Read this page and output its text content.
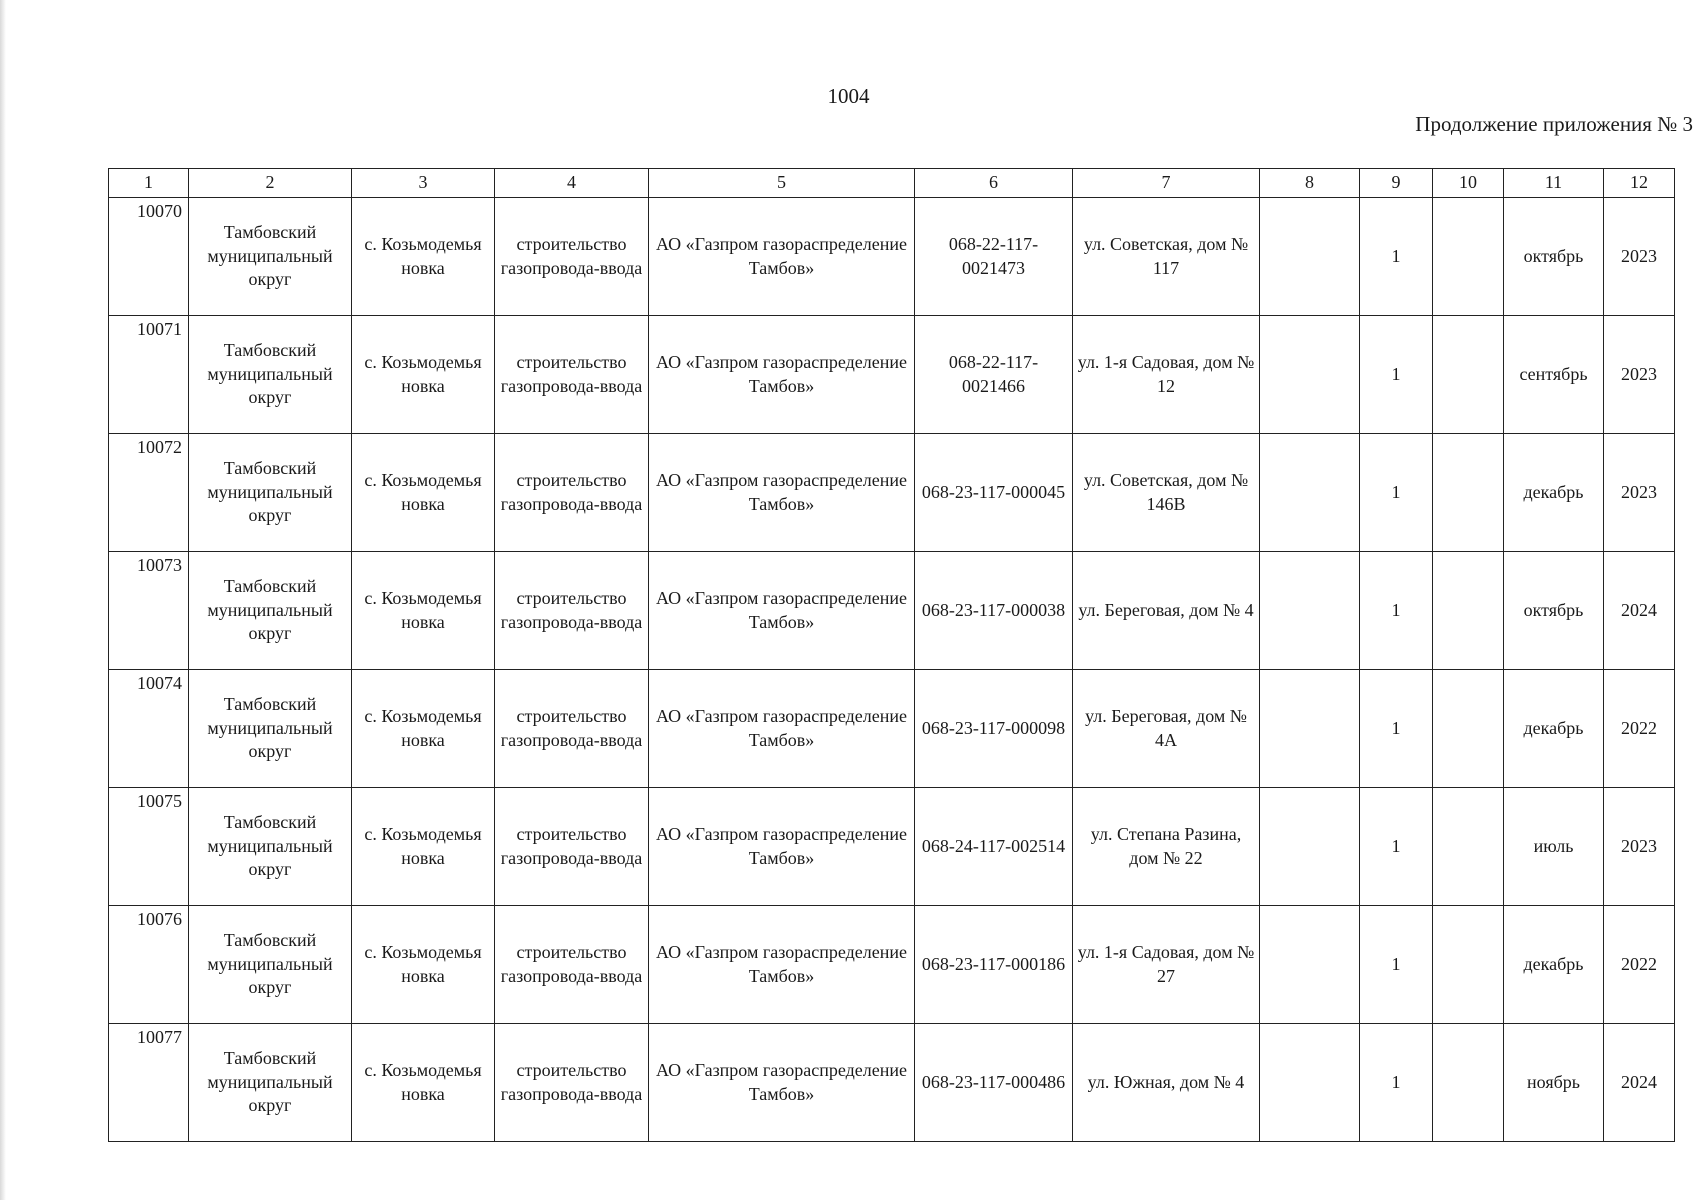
1004
Продолжение приложения № 3
1	2	3	4	5	6	7	8	9	10	11	12
10070	Тамбовский муниципальный округ	с. Козьмодемья новка	строительство газопровода-ввода	АО «Газпром газораспределение Тамбов»	068-22-117-0021473	ул. Советская, дом № 117		1		октябрь	2023
10071	Тамбовский муниципальный округ	с. Козьмодемья новка	строительство газопровода-ввода	АО «Газпром газораспределение Тамбов»	068-22-117-0021466	ул. 1-я Садовая, дом № 12		1		сентябрь	2023
10072	Тамбовский муниципальный округ	с. Козьмодемья новка	строительство газопровода-ввода	АО «Газпром газораспределение Тамбов»	068-23-117-000045	ул. Советская, дом № 146В		1		декабрь	2023
10073	Тамбовский муниципальный округ	с. Козьмодемья новка	строительство газопровода-ввода	АО «Газпром газораспределение Тамбов»	068-23-117-000038	ул. Береговая, дом № 4		1		октябрь	2024
10074	Тамбовский муниципальный округ	с. Козьмодемья новка	строительство газопровода-ввода	АО «Газпром газораспределение Тамбов»	068-23-117-000098	ул. Береговая, дом № 4А		1		декабрь	2022
10075	Тамбовский муниципальный округ	с. Козьмодемья новка	строительство газопровода-ввода	АО «Газпром газораспределение Тамбов»	068-24-117-002514	ул. Степана Разина, дом № 22		1		июль	2023
10076	Тамбовский муниципальный округ	с. Козьмодемья новка	строительство газопровода-ввода	АО «Газпром газораспределение Тамбов»	068-23-117-000186	ул. 1-я Садовая, дом № 27		1		декабрь	2022
10077	Тамбовский муниципальный округ	с. Козьмодемья новка	строительство газопровода-ввода	АО «Газпром газораспределение Тамбов»	068-23-117-000486	ул. Южная, дом № 4		1		ноябрь	2024
